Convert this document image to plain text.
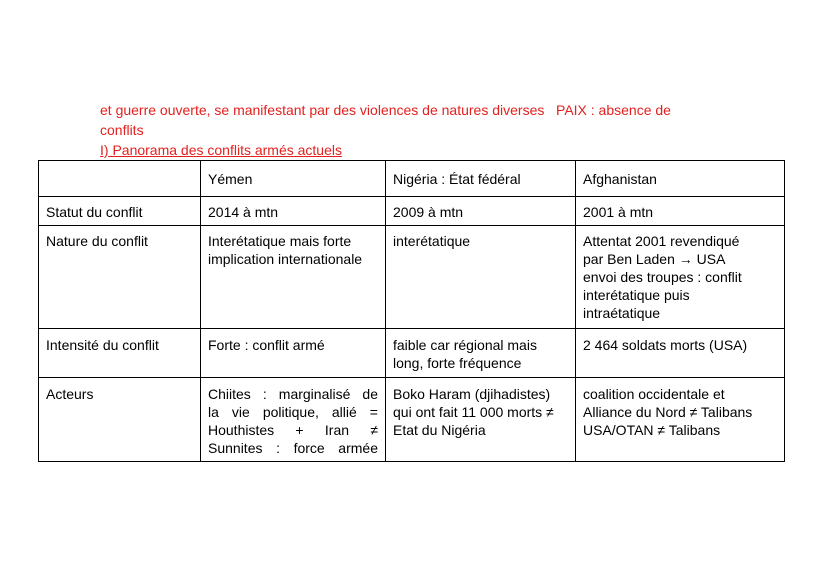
et guerre ouverte, se manifestant par des violences de natures diverses   PAIX : absence de
conflits
I) Panorama des conflits armés actuels
	Yémen	Nigéria : État fédéral	Afghanistan
Statut du conflit	2014 à mtn	2009 à mtn	2001 à mtn

Nature du conflit	Interétatique mais forte
implication internationale	interétatique	Attentat 2001 revendiqué
par Ben Laden → USA
envoi des troupes : conflit
interétatique puis
intraétatique

Intensité du conflit	Forte : conflit armé	faible car régional mais
long, forte fréquence	2 464 soldats morts (USA)

Acteurs	Chiites : marginalisé de
la vie politique, allié =
Houthistes + Iran ≠
Sunnites : force armée	Boko Haram (djihadistes)
qui ont fait 11 000 morts ≠
Etat du Nigéria	coalition occidentale et
Alliance du Nord ≠ Talibans
USA/OTAN ≠ Talibans
